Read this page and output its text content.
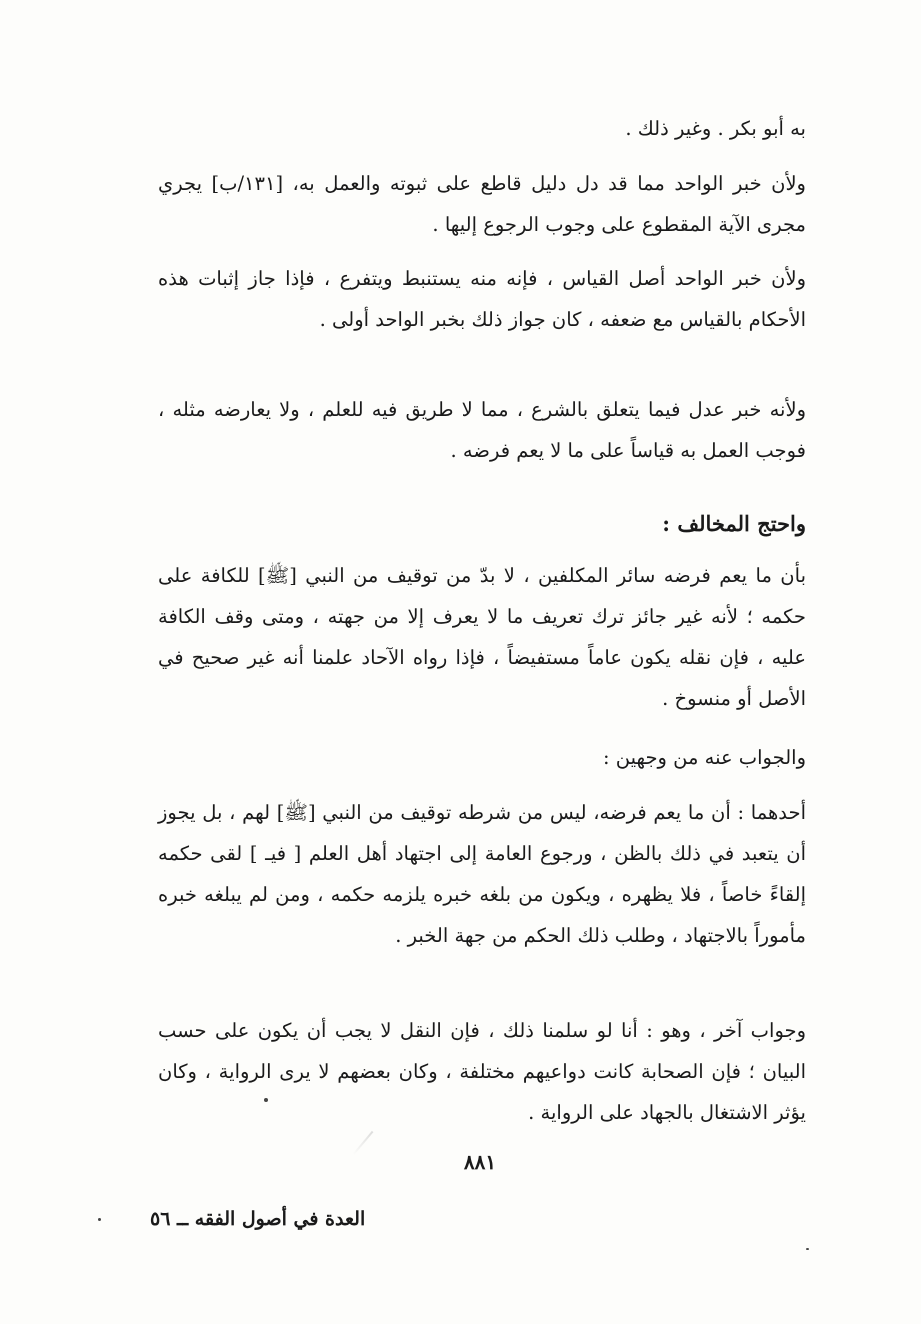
به أبو بكر . وغير ذلك .

ولأن خبر الواحد مما قد دل دليل قاطع على ثبوته والعمل به، [١٣١/ب] يجري مجرى الآية المقطوع على وجوب الرجوع إليها .

ولأن خبر الواحد أصل القياس ، فإنه منه يستنبط ويتفرع ، فإذا جاز إثبات هذه الأحكام بالقياس مع ضعفه ، كان جواز ذلك بخبر الواحد أولى .

ولأنه خبر عدل فيما يتعلق بالشرع ، مما لا طريق فيه للعلم ، ولا يعارضه مثله ، فوجب العمل به قياساً على ما لا يعم فرضه .

واحتج المخالف :

بأن ما يعم فرضه سائر المكلفين ، لا بدّ من توقيف من النبي [ﷺ] للكافة على حكمه ؛ لأنه غير جائز ترك تعريف ما لا يعرف إلا من جهته ، ومتى وقف الكافة عليه ، فإن نقله يكون عاماً مستفيضاً ، فإذا رواه الآحاد علمنا أنه غير صحيح في الأصل أو منسوخ .

والجواب عنه من وجهين :

أحدهما : أن ما يعم فرضه، ليس من شرطه توقيف من النبي [ﷺ] لهم ، بل يجوز أن يتعبد في ذلك بالظن ، ورجوع العامة إلى اجتهاد أهل العلم [ فيـ ] لقى حكمه إلقاءً خاصاً ، فلا يظهره ، ويكون من بلغه خبره يلزمه حكمه ، ومن لم يبلغه خبره مأموراً بالاجتهاد ، وطلب ذلك الحكم من جهة الخبر .

وجواب آخر ، وهو : أنا لو سلمنا ذلك ، فإن النقل لا يجب أن يكون على حسب البيان ؛ فإن الصحابة كانت دواعيهم مختلفة ، وكان بعضهم لا يرى الرواية ، وكان يؤثر الاشتغال بالجهاد على الرواية .

٨٨١
العدة في أصول الفقه ــ ٥٦
